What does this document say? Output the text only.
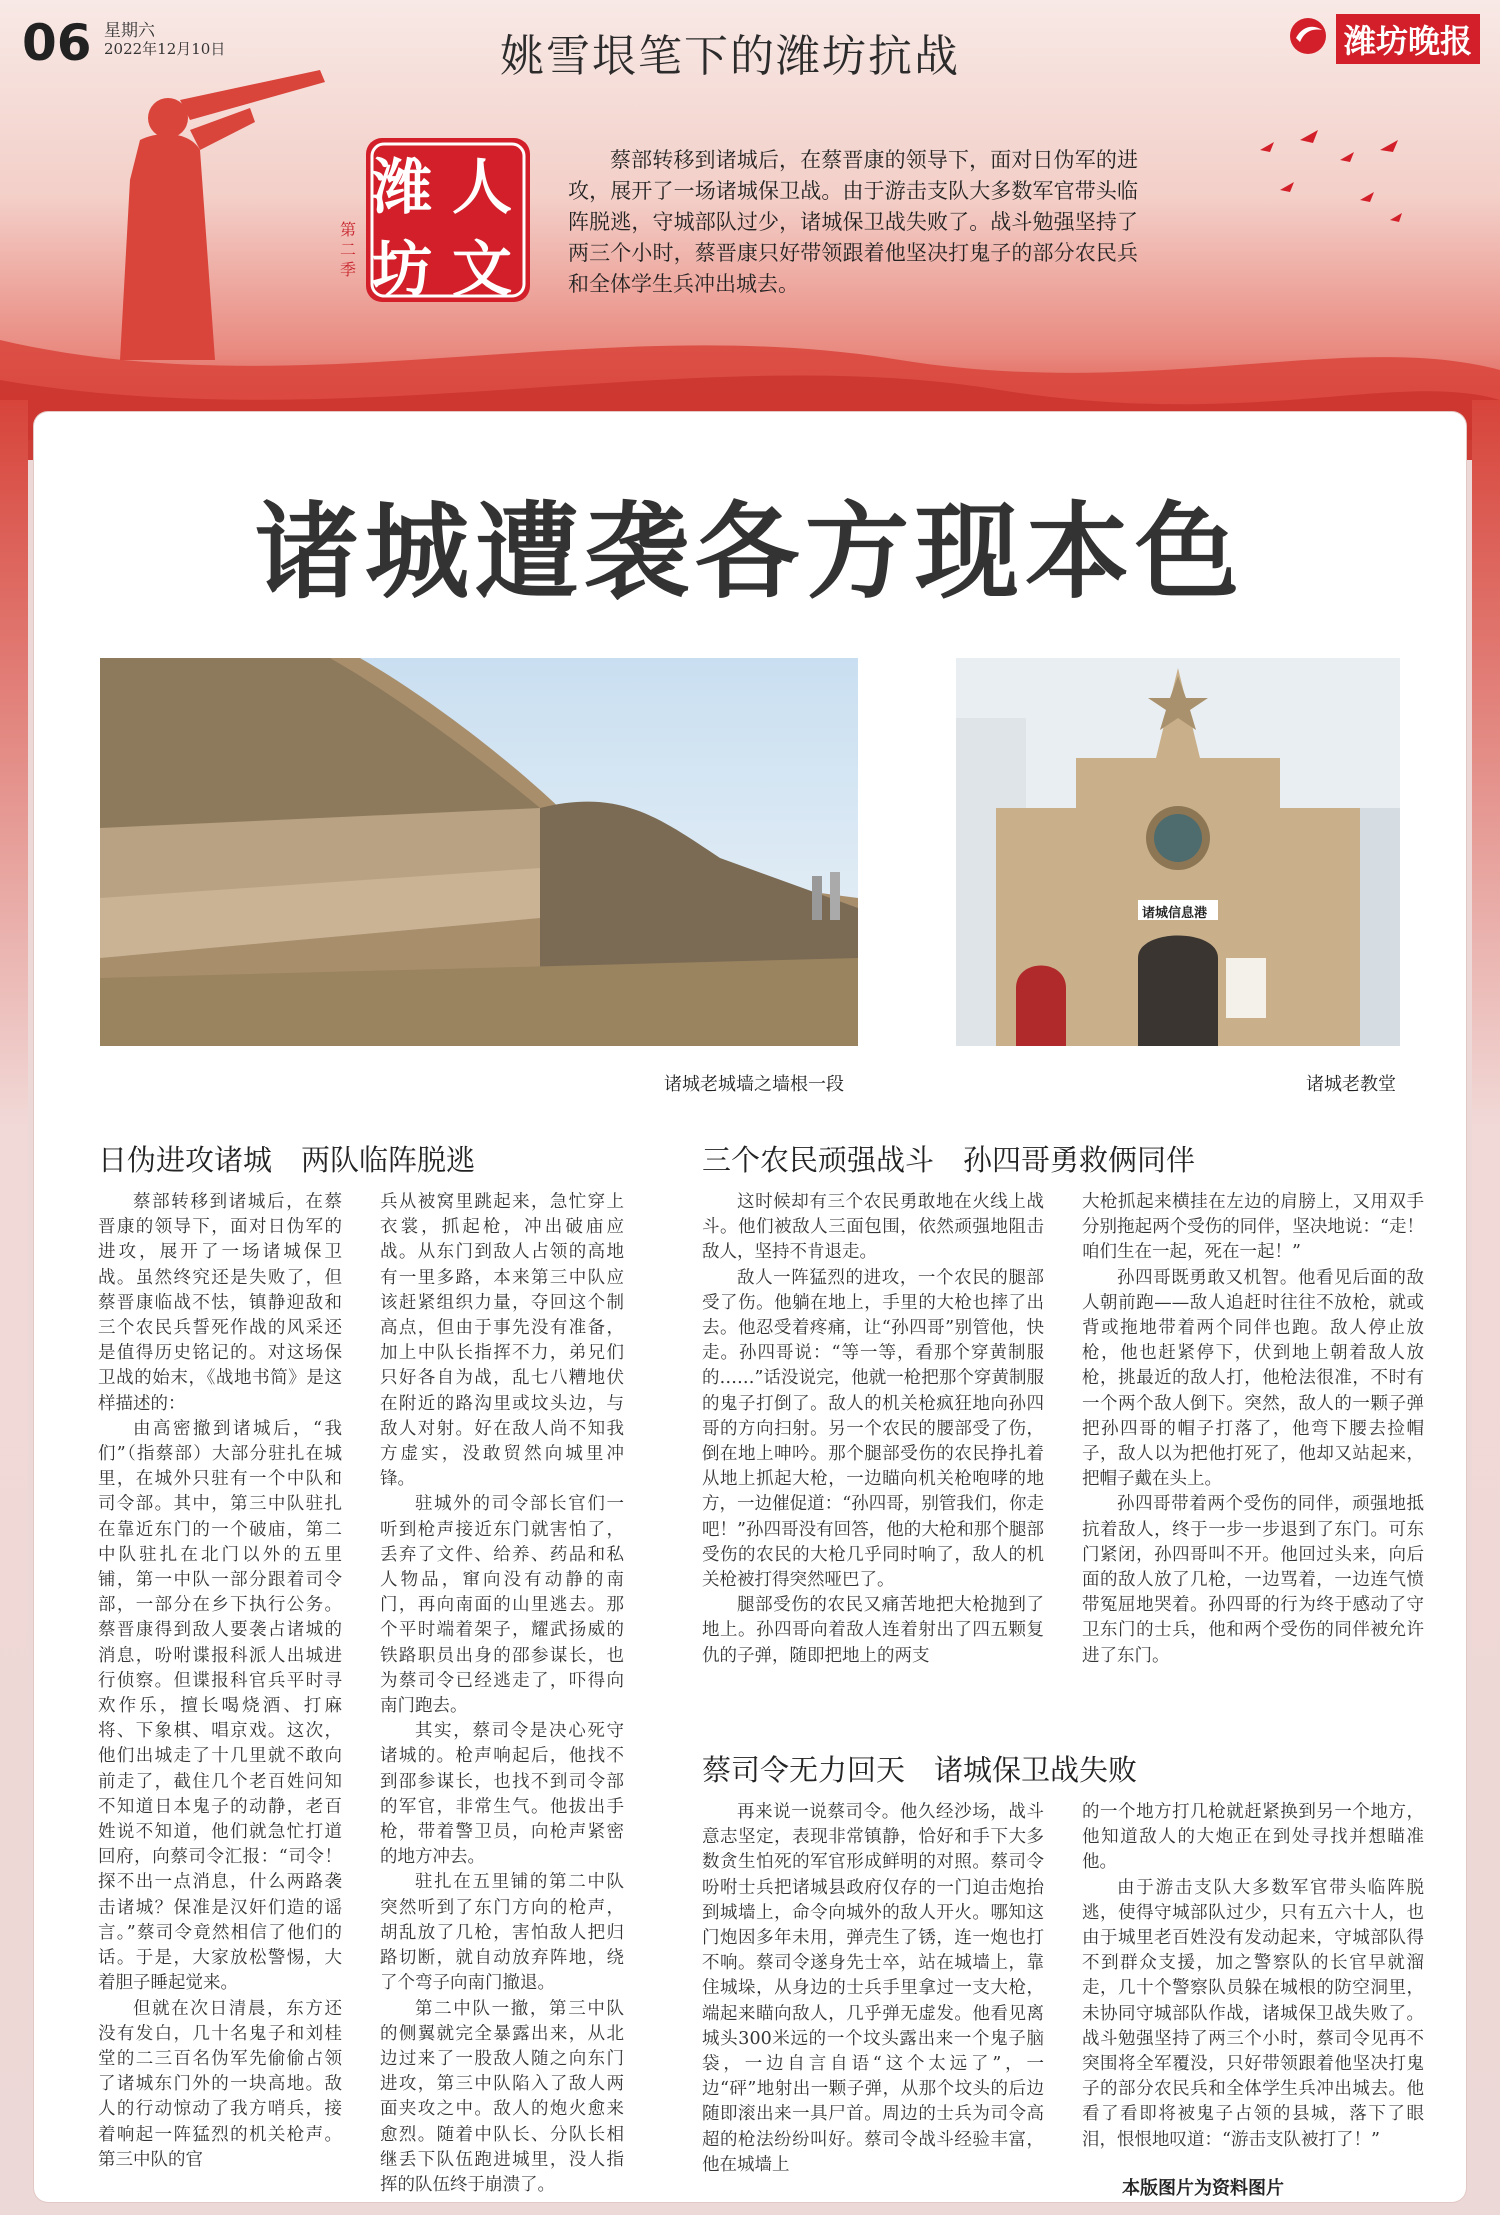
06 星期六
2022年12月10日	姚雪垠笔下的潍坊抗战	潍坊晚报
潍 人
坊 文
第二季
蔡部转移到诸城后，在蔡晋康的领导下，面对日伪军的进攻，展开了一场诸城保卫战。由于游击支队大多数军官带头临阵脱逃，守城部队过少，诸城保卫战失败了。战斗勉强坚持了两三个小时，蔡晋康只好带领跟着他坚决打鬼子的部分农民兵和全体学生兵冲出城去。
诸城遭袭各方现本色
诸城老城墙之墙根一段
诸城信息港
诸城老教堂
日伪进攻诸城　两队临阵脱逃	三个农民顽强战斗　孙四哥勇救俩同伴
蔡司令无力回天　诸城保卫战失败

蔡部转移到诸城后，在蔡晋康的领导下，面对日伪军的进攻，展开了一场诸城保卫战。虽然终究还是失败了，但蔡晋康临战不怯，镇静迎敌和三个农民兵誓死作战的风采还是值得历史铭记的。对这场保卫战的始末，《战地书简》是这样描述的：

由高密撤到诸城后，“我们”（指蔡部）大部分驻扎在城里，在城外只驻有一个中队和司令部。其中，第三中队驻扎在靠近东门的一个破庙，第二中队驻扎在北门以外的五里铺，第一中队一部分跟着司令部，一部分在乡下执行公务。蔡晋康得到敌人要袭占诸城的消息，吩咐谍报科派人出城进行侦察。但谍报科官兵平时寻欢作乐，擅长喝烧酒、打麻将、下象棋、唱京戏。这次，他们出城走了十几里就不敢向前走了，截住几个老百姓问知不知道日本鬼子的动静，老百姓说不知道，他们就急忙打道回府，向蔡司令汇报：“司令！探不出一点消息，什么两路袭击诸城？保准是汉奸们造的谣言。”蔡司令竟然相信了他们的话。于是，大家放松警惕，大着胆子睡起觉来。

但就在次日清晨，东方还没有发白，几十名鬼子和刘桂堂的二三百名伪军先偷偷占领了诸城东门外的一块高地。敌人的行动惊动了我方哨兵，接着响起一阵猛烈的机关枪声。第三中队的官

兵从被窝里跳起来，急忙穿上衣裳，抓起枪，冲出破庙应战。从东门到敌人占领的高地有一里多路，本来第三中队应该赶紧组织力量，夺回这个制高点，但由于事先没有准备，加上中队长指挥不力，弟兄们只好各自为战，乱七八糟地伏在附近的路沟里或坟头边，与敌人对射。好在敌人尚不知我方虚实，没敢贸然向城里冲锋。

驻城外的司令部长官们一听到枪声接近东门就害怕了，丢弃了文件、给养、药品和私人物品，窜向没有动静的南门，再向南面的山里逃去。那个平时端着架子，耀武扬威的铁路职员出身的邵参谋长，也为蔡司令已经逃走了，吓得向南门跑去。

其实，蔡司令是决心死守诸城的。枪声响起后，他找不到邵参谋长，也找不到司令部的军官，非常生气。他拔出手枪，带着警卫员，向枪声紧密的地方冲去。

驻扎在五里铺的第二中队突然听到了东门方向的枪声，胡乱放了几枪，害怕敌人把归路切断，就自动放弃阵地，绕了个弯子向南门撤退。

第二中队一撤，第三中队的侧翼就完全暴露出来，从北边过来了一股敌人随之向东门进攻，第三中队陷入了敌人两面夹攻之中。敌人的炮火愈来愈烈。随着中队长、分队长相继丢下队伍跑进城里，没人指挥的队伍终于崩溃了。

这时候却有三个农民勇敢地在火线上战斗。他们被敌人三面包围，依然顽强地阻击敌人，坚持不肯退走。

敌人一阵猛烈的进攻，一个农民的腿部受了伤。他躺在地上，手里的大枪也摔了出去。他忍受着疼痛，让“孙四哥”别管他，快走。孙四哥说：“等一等，看那个穿黄制服的……”话没说完，他就一枪把那个穿黄制服的鬼子打倒了。敌人的机关枪疯狂地向孙四哥的方向扫射。另一个农民的腰部受了伤，倒在地上呻吟。那个腿部受伤的农民挣扎着从地上抓起大枪，一边瞄向机关枪咆哮的地方，一边催促道：“孙四哥，别管我们，你走吧！”孙四哥没有回答，他的大枪和那个腿部受伤的农民的大枪几乎同时响了，敌人的机关枪被打得突然哑巴了。

腿部受伤的农民又痛苦地把大枪抛到了地上。孙四哥向着敌人连着射出了四五颗复仇的子弹，随即把地上的两支

大枪抓起来横挂在左边的肩膀上，又用双手分别拖起两个受伤的同伴，坚决地说：“走！咱们生在一起，死在一起！”

孙四哥既勇敢又机智。他看见后面的敌人朝前跑——敌人追赶时往往不放枪，就或背或拖地带着两个同伴也跑。敌人停止放枪，他也赶紧停下，伏到地上朝着敌人放枪，挑最近的敌人打，他枪法很准，不时有一个两个敌人倒下。突然，敌人的一颗子弹把孙四哥的帽子打落了，他弯下腰去捡帽子，敌人以为把他打死了，他却又站起来，把帽子戴在头上。

孙四哥带着两个受伤的同伴，顽强地抵抗着敌人，终于一步一步退到了东门。可东门紧闭，孙四哥叫不开。他回过头来，向后面的敌人放了几枪，一边骂着，一边连气愤带冤屈地哭着。孙四哥的行为终于感动了守卫东门的士兵，他和两个受伤的同伴被允许进了东门。

再来说一说蔡司令。他久经沙场，战斗意志坚定，表现非常镇静，恰好和手下大多数贪生怕死的军官形成鲜明的对照。蔡司令吩咐士兵把诸城县政府仅存的一门迫击炮抬到城墙上，命令向城外的敌人开火。哪知这门炮因多年未用，弹壳生了锈，连一炮也打不响。蔡司令遂身先士卒，站在城墙上，靠住城垛，从身边的士兵手里拿过一支大枪，端起来瞄向敌人，几乎弹无虚发。他看见离城头300米远的一个坟头露出来一个鬼子脑袋，一边自言自语“这个太远了”，一边“砰”地射出一颗子弹，从那个坟头的后边随即滚出来一具尸首。周边的士兵为司令高超的枪法纷纷叫好。蔡司令战斗经验丰富，他在城墙上

的一个地方打几枪就赶紧换到另一个地方，他知道敌人的大炮正在到处寻找并想瞄准他。

由于游击支队大多数军官带头临阵脱逃，使得守城部队过少，只有五六十人，也由于城里老百姓没有发动起来，守城部队得不到群众支援，加之警察队的长官早就溜走，几十个警察队员躲在城根的防空洞里，未协同守城部队作战，诸城保卫战失败了。战斗勉强坚持了两三个小时，蔡司令见再不突围将全军覆没，只好带领跟着他坚决打鬼子的部分农民兵和全体学生兵冲出城去。他看了看即将被鬼子占领的县城，落下了眼泪，恨恨地叹道：“游击支队被打了！”

本版图片为资料图片
